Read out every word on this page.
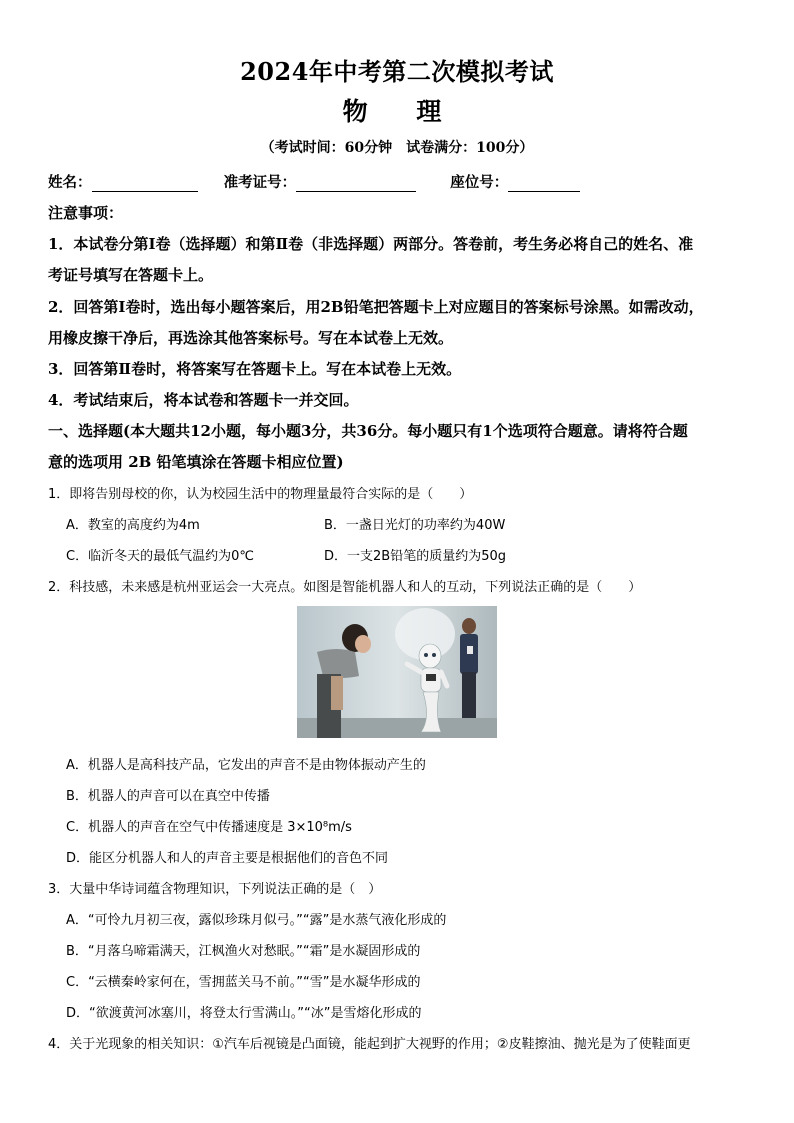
2024年中考第二次模拟考试
物 理
（考试时间：60分钟　试卷满分：100分）
姓名：	准考证号：	座位号：
注意事项：
1．本试卷分第Ⅰ卷（选择题）和第Ⅱ卷（非选择题）两部分。答卷前，考生务必将自己的姓名、准
考证号填写在答题卡上。
2．回答第Ⅰ卷时，选出每小题答案后，用2B铅笔把答题卡上对应题目的答案标号涂黑。如需改动，
用橡皮擦干净后，再选涂其他答案标号。写在本试卷上无效。
3．回答第Ⅱ卷时，将答案写在答题卡上。写在本试卷上无效。
4．考试结束后，将本试卷和答题卡一并交回。
一、选择题(本大题共12小题，每小题3分，共36分。每小题只有1个选项符合题意。请将符合题
意的选项用 2B 铅笔填涂在答题卡相应位置)
1．即将告别母校的你，认为校园生活中的物理量最符合实际的是（　　）
A．教室的高度约为4m	B．一盏日光灯的功率约为40W
C．临沂冬天的最低气温约为0℃	D．一支2B铅笔的质量约为50g
2．科技感，未来感是杭州亚运会一大亮点。如图是智能机器人和人的互动，下列说法正确的是（　　）
A．机器人是高科技产品，它发出的声音不是由物体振动产生的
B．机器人的声音可以在真空中传播
C．机器人的声音在空气中传播速度是 3×10⁸m/s
D．能区分机器人和人的声音主要是根据他们的音色不同
3．大量中华诗词蕴含物理知识，下列说法正确的是（　）
A．“可怜九月初三夜，露似珍珠月似弓。”“露”是水蒸气液化形成的
B．“月落乌啼霜满天，江枫渔火对愁眠。”“霜”是水凝固形成的
C．“云横秦岭家何在，雪拥蓝关马不前。”“雪”是水凝华形成的
D．“欲渡黄河冰塞川，将登太行雪满山。”“冰”是雪熔化形成的
4．关于光现象的相关知识：①汽车后视镜是凸面镜，能起到扩大视野的作用；②皮鞋擦油、抛光是为了使鞋面更
